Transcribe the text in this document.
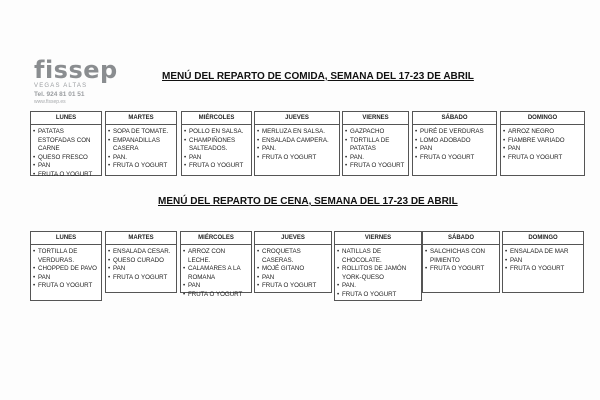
fissep
VEGAS ALTAS
Tel. 924 81 01 51
www.fissep.es
MENÚ DEL REPARTO DE COMIDA, SEMANA DEL 17-23 DE ABRIL
MENÚ DEL REPARTO DE CENA, SEMANA DEL 17-23 DE ABRIL
LUNES
• PATATAS ESTOFADAS CON CARNE
• QUESO FRESCO
• PAN
• FRUTA O YOGURT
MARTES
• SOPA DE TOMATE.
• EMPANADILLAS CASERA
• PAN.
• FRUTA O YOGURT
MIÉRCOLES
• POLLO EN SALSA.
• CHAMPIÑONES SALTEADOS.
• PAN
• FRUTA O YOGURT
JUEVES
• MERLUZA EN SALSA.
• ENSALADA CAMPERA.
• PAN.
• FRUTA O YOGURT
VIERNES
• GAZPACHO
• TORTILLA DE PATATAS
• PAN.
• FRUTA O YOGURT
SÁBADO
• PURÉ DE VERDURAS
• LOMO ADOBADO
• PAN
• FRUTA O YOGURT
DOMINGO
• ARROZ NEGRO
• FIAMBRE VARIADO
• PAN
• FRUTA O YOGURT
LUNES
• TORTILLA DE VERDURAS.
• CHOPPED DE PAVO
• PAN
• FRUTA O YOGURT
MARTES
• ENSALADA CESAR.
• QUESO CURADO
• PAN
• FRUTA O YOGURT
MIÉRCOLES
• ARROZ CON LECHE.
• CALAMARES A LA ROMANA
• PAN
• FRUTA O YOGURT
JUEVES
• CROQUETAS CASERAS.
• MOJÉ GITANO
• PAN
• FRUTA O YOGURT
VIERNES
• NATILLAS DE CHOCOLATE.
• ROLLITOS DE JAMÓN YORK-QUESO
• PAN.
• FRUTA O YOGURT
SÁBADO
• SALCHICHAS CON PIMIENTO
• FRUTA O YOGURT
DOMINGO
• ENSALADA DE MAR
• PAN
• FRUTA O YOGURT
